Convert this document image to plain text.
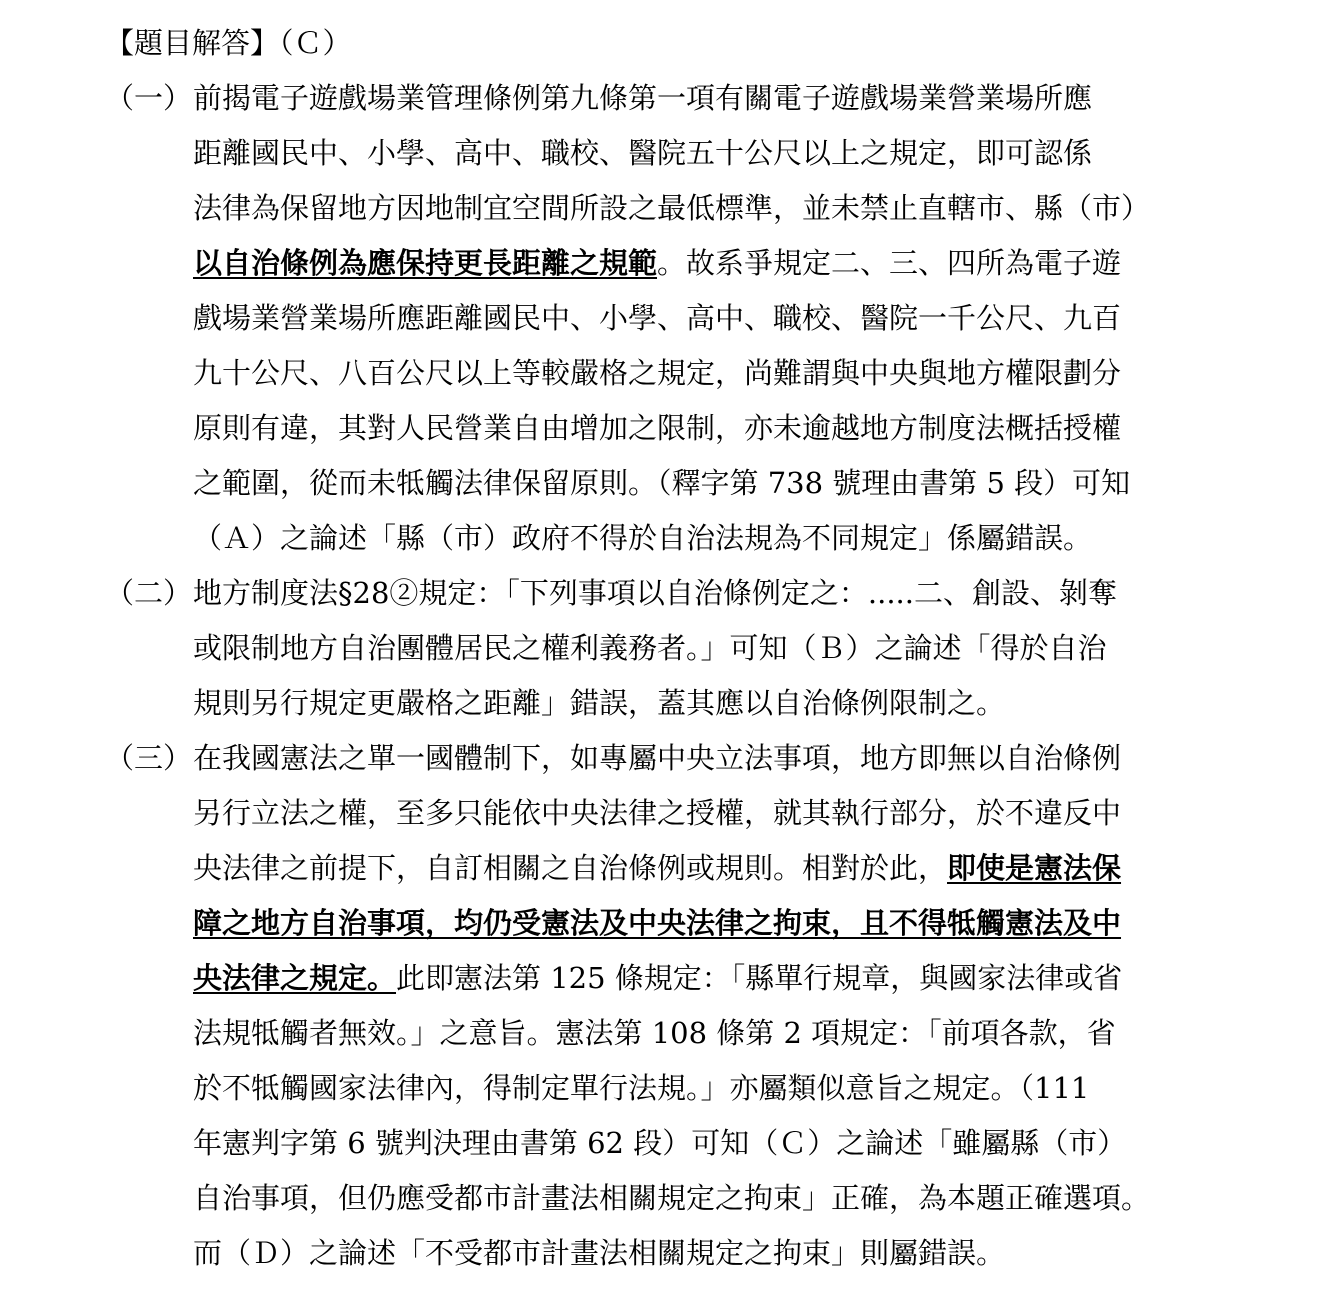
【題目解答】（Ｃ）
（一） 前揭電子遊戲場業管理條例第九條第一項有關電子遊戲場業營業場所應
距離國民中、小學、高中、職校、醫院五十公尺以上之規定，即可認係
法律為保留地方因地制宜空間所設之最低標準，並未禁止直轄市、縣（市）
以自治條例為應保持更長距離之規範。故系爭規定二、三、四所為電子遊
戲場業營業場所應距離國民中、小學、高中、職校、醫院一千公尺、九百
九十公尺、八百公尺以上等較嚴格之規定，尚難謂與中央與地方權限劃分
原則有違，其對人民營業自由增加之限制，亦未逾越地方制度法概括授權
之範圍，從而未牴觸法律保留原則。（釋字第 738 號理由書第 5 段）可知
（Ａ）之論述「縣（市）政府不得於自治法規為不同規定」係屬錯誤。
（二） 地方制度法§28②規定：「下列事項以自治條例定之：.....二、創設、剝奪
或限制地方自治團體居民之權利義務者。」可知（Ｂ）之論述「得於自治
規則另行規定更嚴格之距離」錯誤，蓋其應以自治條例限制之。
（三） 在我國憲法之單一國體制下，如專屬中央立法事項，地方即無以自治條例
另行立法之權，至多只能依中央法律之授權，就其執行部分，於不違反中
央法律之前提下，自訂相關之自治條例或規則。相對於此，即使是憲法保
障之地方自治事項，均仍受憲法及中央法律之拘束，且不得牴觸憲法及中
央法律之規定。此即憲法第 125 條規定：「縣單行規章，與國家法律或省
法規牴觸者無效。」之意旨。憲法第 108 條第 2 項規定：「前項各款，省
於不牴觸國家法律內，得制定單行法規。」亦屬類似意旨之規定。（111
年憲判字第 6 號判決理由書第 62 段）可知（Ｃ）之論述「雖屬縣（市）
自治事項，但仍應受都市計畫法相關規定之拘束」正確，為本題正確選項。
而（Ｄ）之論述「不受都市計畫法相關規定之拘束」則屬錯誤。
